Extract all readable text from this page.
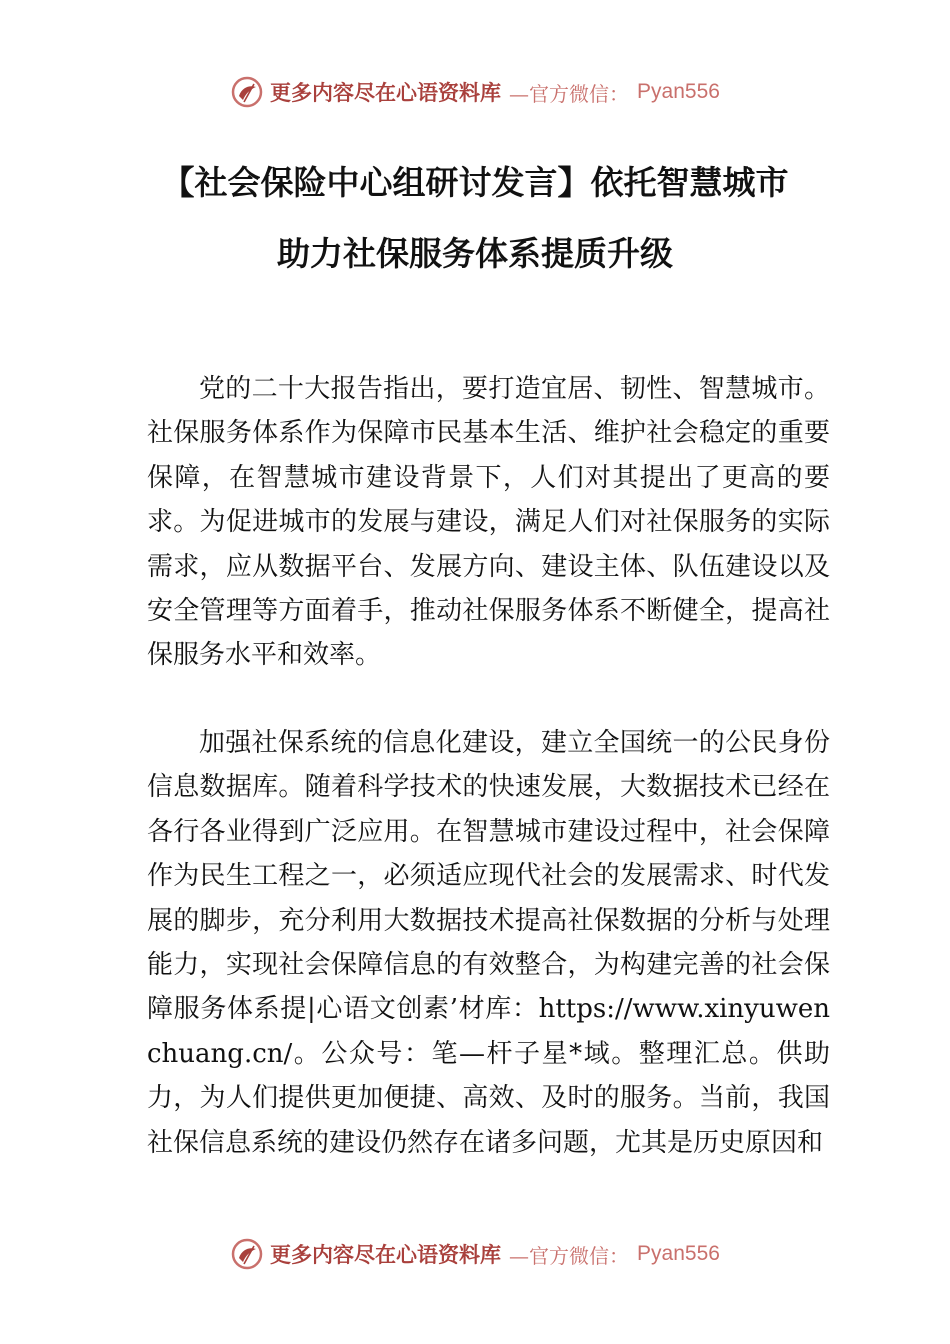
更多内容尽在心语资料库 —官方微信： Pyan556
【社会保险中心组研讨发言】依托智慧城市
助力社保服务体系提质升级

党的二十大报告指出，要打造宜居、韧性、智慧城市。社保服务体系作为保障市民基本生活、维护社会稳定的重要保障，在智慧城市建设背景下，人们对其提出了更高的要求。为促进城市的发展与建设，满足人们对社保服务的实际需求，应从数据平台、发展方向、建设主体、队伍建设以及安全管理等方面着手，推动社保服务体系不断健全，提高社保服务水平和效率。

加强社保系统的信息化建设，建立全国统一的公民身份信息数据库。随着科学技术的快速发展，大数据技术已经在各行各业得到广泛应用。在智慧城市建设过程中，社会保障作为民生工程之一，必须适应现代社会的发展需求、时代发展的脚步，充分利用大数据技术提高社保数据的分析与处理能力，实现社会保障信息的有效整合，为构建完善的社会保障服务体系提|心语文创素’材库：https://www.xinyuwenchuang.cn/。公众号：笔—杆子星*域。整理汇总。供助力，为人们提供更加便捷、高效、及时的服务。当前，我国社保信息系统的建设仍然存在诸多问题，尤其是历史原因和

更多内容尽在心语资料库 —官方微信： Pyan556
